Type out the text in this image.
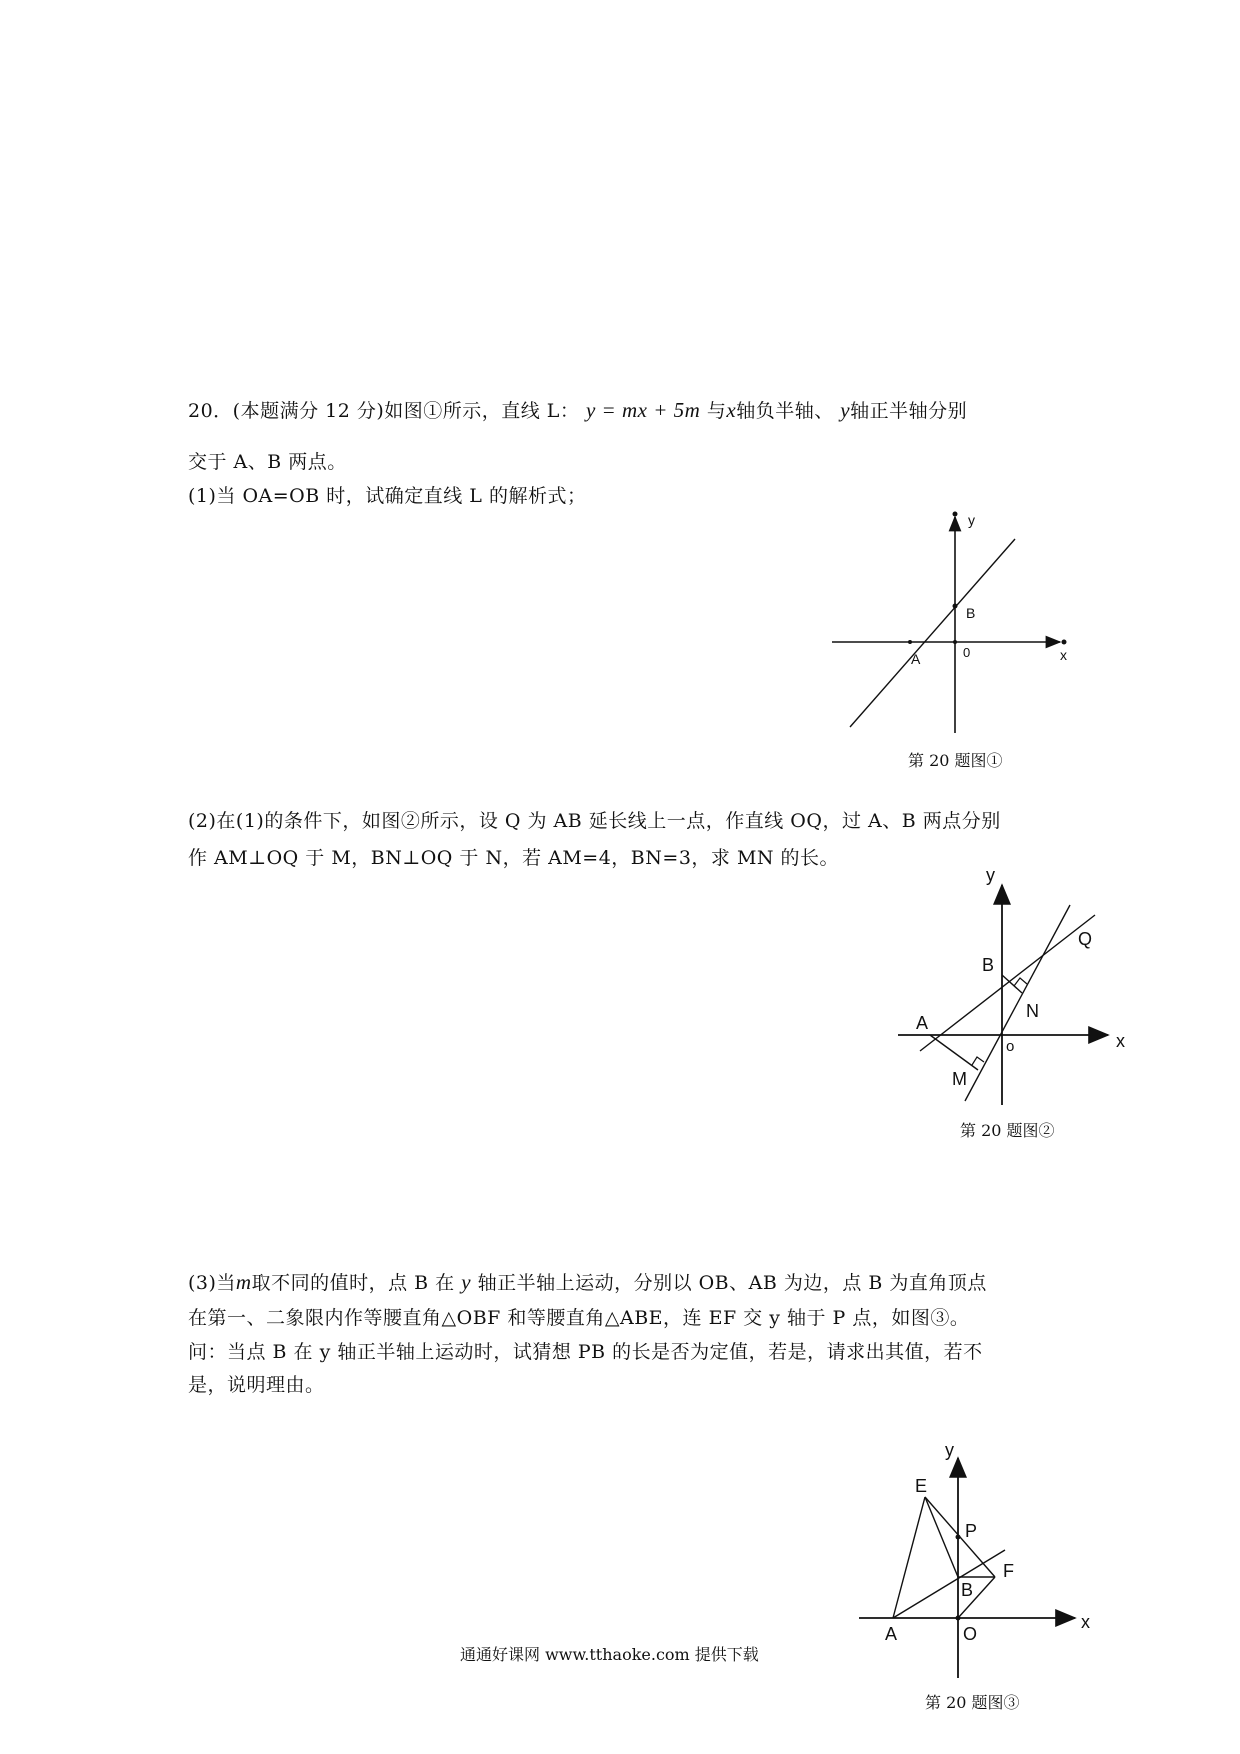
20．(本题满分 12 分)如图①所示，直线 L： y = mx + 5m 与x轴负半轴、 y轴正半轴分别
交于 A、B 两点。
(1)当 OA=OB 时，试确定直线 L 的解析式；
y
B
0
A	x
第 20 题图①
(2)在(1)的条件下，如图②所示，设 Q 为 AB 延长线上一点，作直线 OQ，过 A、B 两点分别
作 AM⊥OQ 于 M，BN⊥OQ 于 N，若 AM=4，BN=3，求 MN 的长。
y
Q
B
N
A
o	x
M
第 20 题图②
(3)当m取不同的值时，点 B 在 y 轴正半轴上运动，分别以 OB、AB 为边，点 B 为直角顶点
在第一、二象限内作等腰直角△OBF 和等腰直角△ABE，连 EF 交 y 轴于 P 点，如图③。
问：当点 B 在 y 轴正半轴上运动时，试猜想 PB 的长是否为定值，若是，请求出其值，若不
是，说明理由。
y
E
P
F
B
A	O
x
第 20 题图③
通通好课网 www.tthaoke.com 提供下载
